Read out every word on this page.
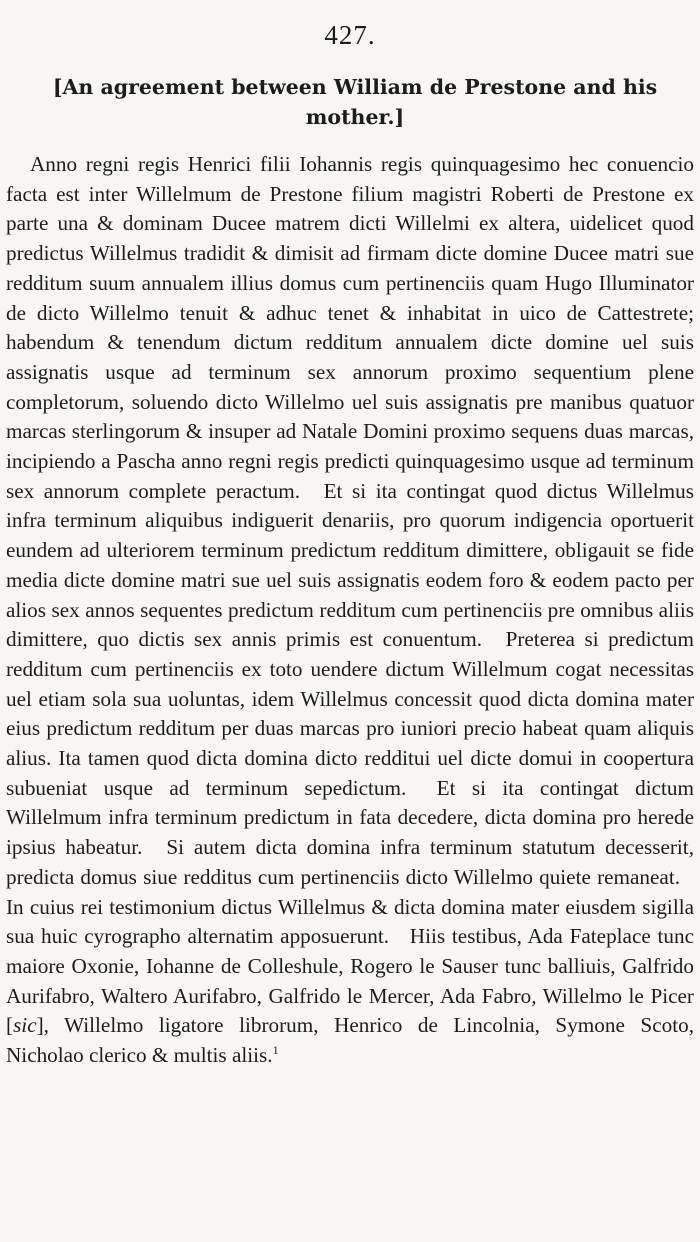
427.
[An agreement between William de Prestone and his mother.]

Anno regni regis Henrici filii Iohannis regis quinquagesimo hec conuencio facta est inter Willelmum de Prestone filium magistri Roberti de Prestone ex parte una & dominam Ducee matrem dicti Willelmi ex altera, uidelicet quod predictus Willelmus tradidit & dimisit ad firmam dicte domine Ducee matri sue redditum suum annualem illius domus cum pertinenciis quam Hugo Illuminator de dicto Willelmo tenuit & adhuc tenet & inhabitat in uico de Cattestrete; habendum & tenendum dictum redditum annualem dicte domine uel suis assignatis usque ad terminum sex annorum proximo sequentium plene completorum, soluendo dicto Willelmo uel suis assignatis pre manibus quatuor marcas sterlingorum & insuper ad Natale Domini proximo sequens duas marcas, incipiendo a Pascha anno regni regis predicti quinquagesimo usque ad terminum sex annorum complete peractum. Et si ita contingat quod dictus Willelmus infra terminum aliquibus indiguerit denariis, pro quorum indigencia oportuerit eundem ad ulteriorem terminum predictum redditum dimittere, obligauit se fide media dicte domine matri sue uel suis assignatis eodem foro & eodem pacto per alios sex annos sequentes predictum redditum cum pertinenciis pre omnibus aliis dimittere, quo dictis sex annis primis est conuentum. Preterea si predictum redditum cum pertinenciis ex toto uendere dictum Willelmum cogat necessitas uel etiam sola sua uoluntas, idem Willelmus concessit quod dicta domina mater eius predictum redditum per duas marcas pro iuniori precio habeat quam aliquis alius. Ita tamen quod dicta domina dicto redditui uel dicte domui in coopertura subueniat usque ad terminum sepedictum. Et si ita contingat dictum Willelmum infra terminum predictum in fata decedere, dicta domina pro herede ipsius habeatur. Si autem dicta domina infra terminum statutum decesserit, predicta domus siue redditus cum pertinenciis dicto Willelmo quiete remaneat. In cuius rei testimonium dictus Willelmus & dicta domina mater eiusdem sigilla sua huic cyrographo alternatim apposuerunt. Hiis testibus, Ada Fateplace tunc maiore Oxonie, Iohanne de Colleshule, Rogero le Sauser tunc balliuis, Galfrido Aurifabro, Waltero Aurifabro, Galfrido le Mercer, Ada Fabro, Willelmo le Picer [sic], Willelmo ligatore librorum, Henrico de Lincolnia, Symone Scoto, Nicholao clerico & multis aliis.$^1$
